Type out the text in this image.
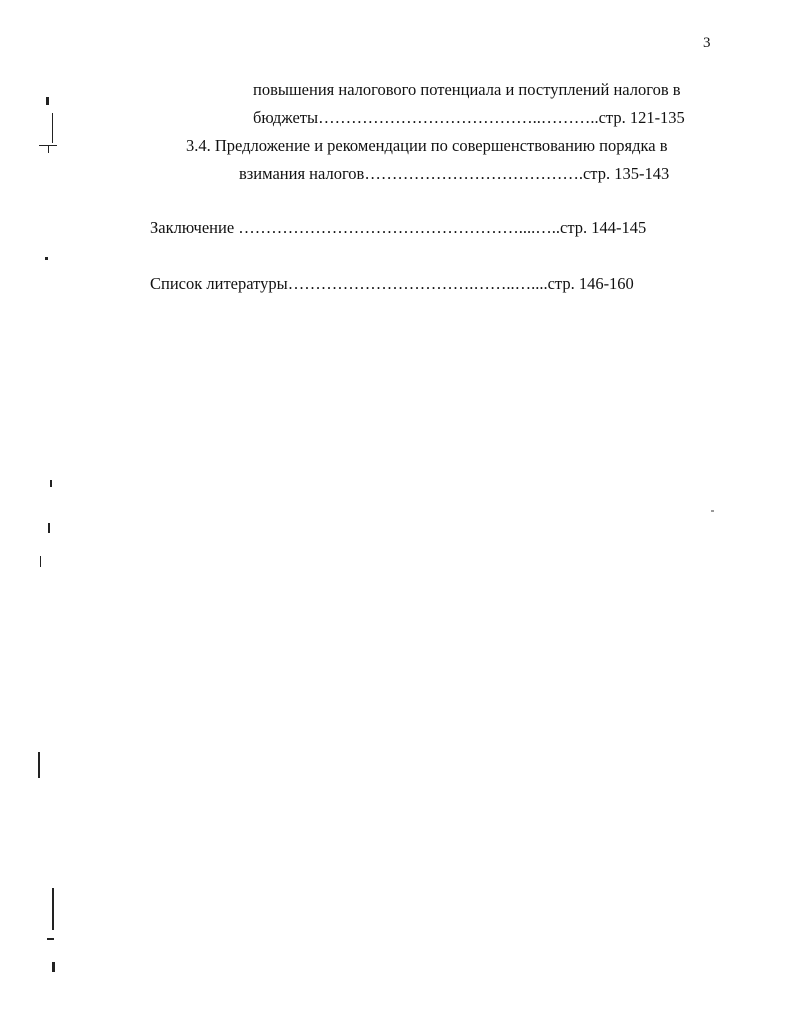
3
повышения налогового потенциала и поступлений налогов в
бюджеты…………………………………..………..стр. 121-135
3.4. Предложение и рекомендации по совершенствованию порядка в
взимания налогов………………………………….стр. 135-143
Заключение ……………………………………………....…..стр. 144-145
Список литературы…………………………….……..…....стр. 146-160
